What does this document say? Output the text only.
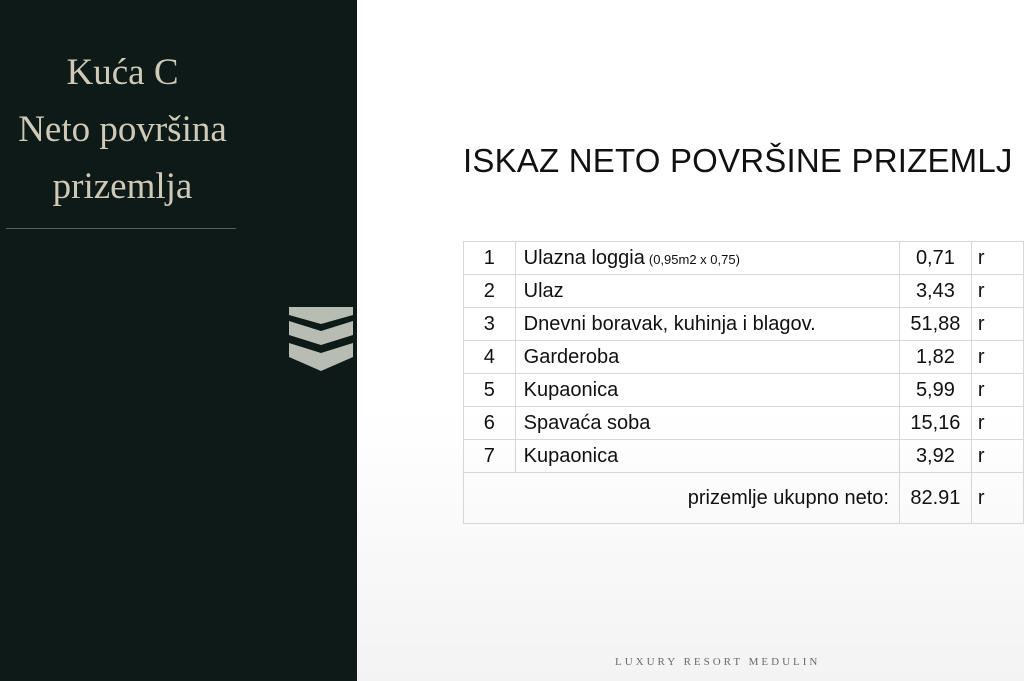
Kuća C
Neto površina
prizemlja
ISKAZ NETO POVRŠINE PRIZEMLJ
1	Ulazna loggia (0,95m2 x 0,75)	0,71	r
2	Ulaz	3,43	r
3	Dnevni boravak, kuhinja i blagov.	51,88	r
4	Garderoba	1,82	r
5	Kupaonica	5,99	r
6	Spavaća soba	15,16	r
7	Kupaonica	3,92	r
prizemlje ukupno neto:		82.91	r
LUXURY RESORT MEDULIN
